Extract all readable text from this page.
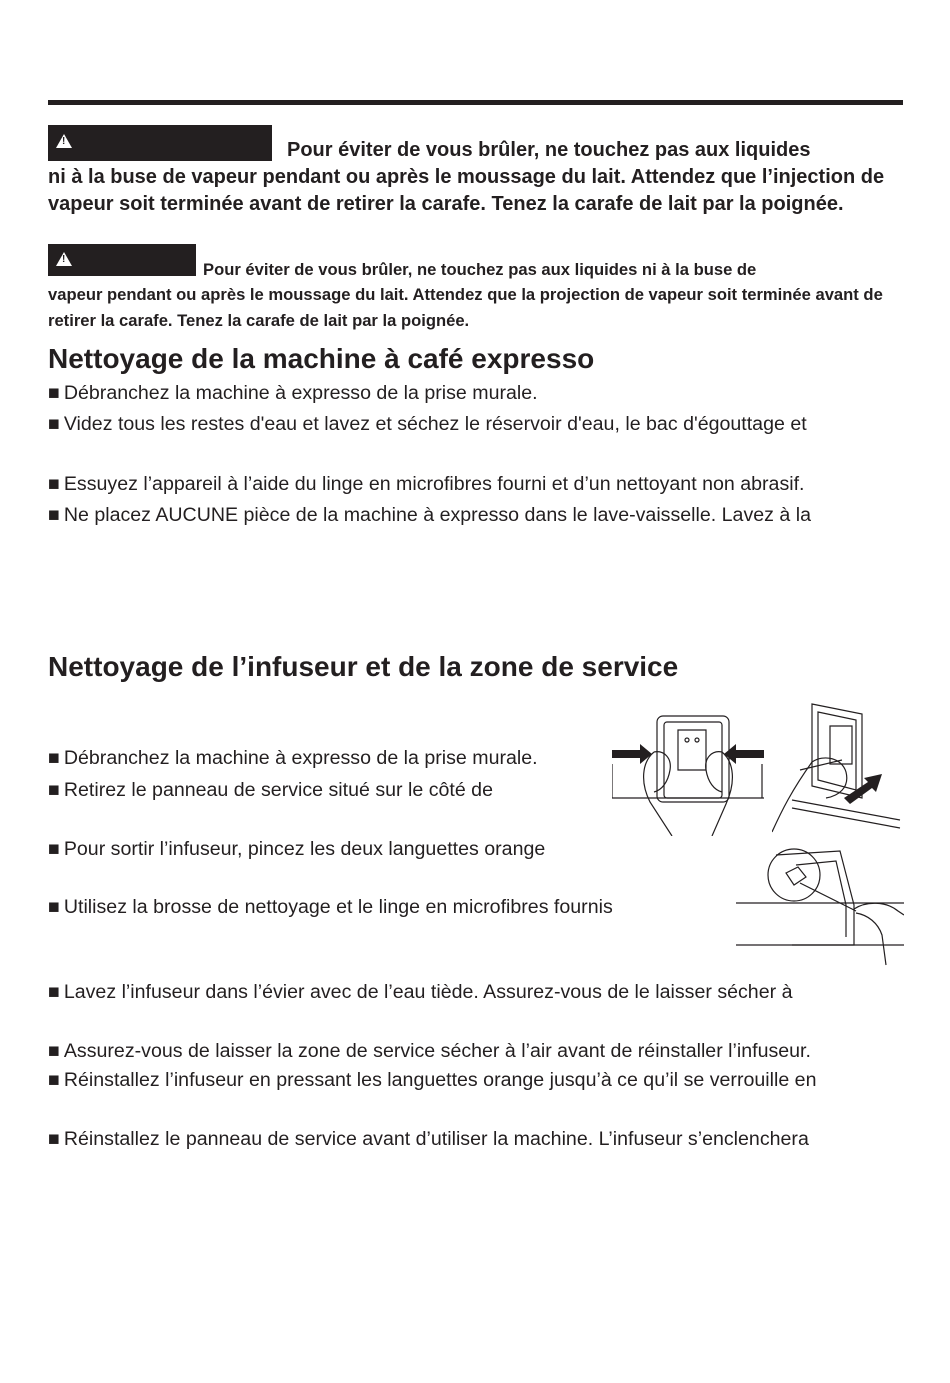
!
Pour éviter de vous brûler, ne touchez pas aux liquides
ni à la buse de vapeur pendant ou après le moussage du lait. Attendez que l’injection de vapeur soit terminée avant de retirer la carafe. Tenez la carafe de lait par la poignée.
!
Pour éviter de vous brûler, ne touchez pas aux liquides ni à la buse de
vapeur pendant ou après le moussage du lait. Attendez que la projection de vapeur soit terminée avant de retirer la carafe. Tenez la carafe de lait par la poignée.
Nettoyage de la machine à café expresso
■ Débranchez la machine à expresso de la prise murale.
■ Videz tous les restes d'eau et lavez et séchez le réservoir d'eau, le bac d'égouttage et
■ Essuyez l’appareil à l’aide du linge en microfibres fourni et d’un nettoyant non abrasif.
■ Ne placez AUCUNE pièce de la machine à expresso dans le lave-vaisselle. Lavez à la
Nettoyage de l’infuseur et de la zone de service
■ Débranchez la machine à expresso de la prise murale.
■ Retirez le panneau de service situé sur le côté de
■ Pour sortir l’infuseur, pincez les deux languettes orange
■ Utilisez la brosse de nettoyage et le linge en microfibres fournis
■ Lavez l’infuseur dans l’évier avec de l’eau tiède. Assurez-vous de le laisser sécher à
■ Assurez-vous de laisser la zone de service sécher à l’air avant de réinstaller l’infuseur.
■ Réinstallez l’infuseur en pressant les languettes orange jusqu’à ce qu’il se verrouille en
■ Réinstallez le panneau de service avant d’utiliser la machine. L’infuseur s’enclenchera
